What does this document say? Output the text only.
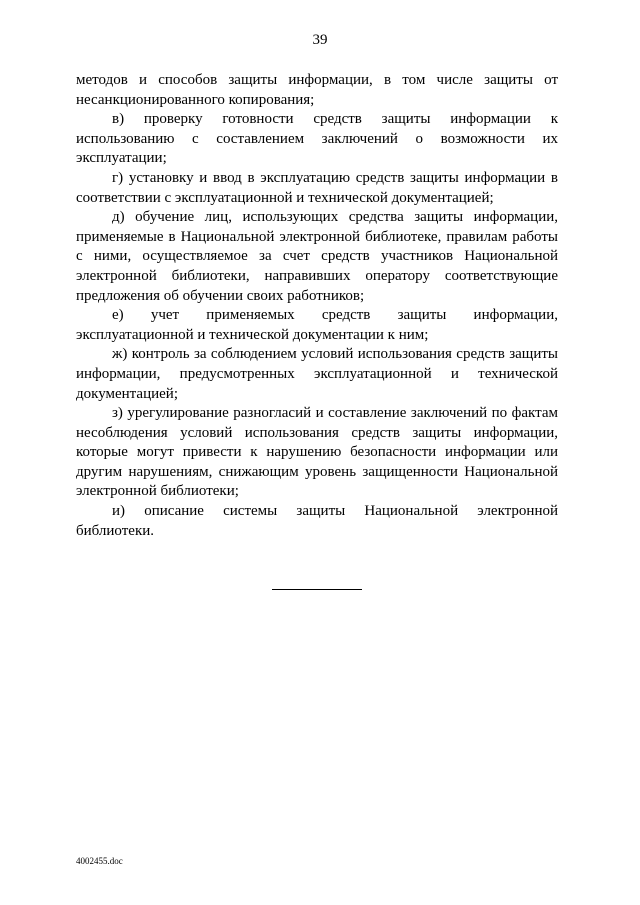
39

методов и способов защиты информации, в том числе защиты от несанкционированного копирования;

в) проверку готовности средств защиты информации к использованию с составлением заключений о возможности их эксплуатации;

г) установку и ввод в эксплуатацию средств защиты информации в соответствии с эксплуатационной и технической документацией;

д) обучение лиц, использующих средства защиты информации, применяемые в Национальной электронной библиотеке, правилам работы с ними, осуществляемое за счет средств участников Национальной электронной библиотеки, направивших оператору соответствующие предложения об обучении своих работников;

е) учет применяемых средств защиты информации, эксплуатационной и технической документации к ним;

ж) контроль за соблюдением условий использования средств защиты информации, предусмотренных эксплуатационной и технической документацией;

з) урегулирование разногласий и составление заключений по фактам несоблюдения условий использования средств защиты информации, которые могут привести к нарушению безопасности информации или другим нарушениям, снижающим уровень защищенности Национальной электронной библиотеки;

и) описание системы защиты Национальной электронной библиотеки.

4002455.doc
